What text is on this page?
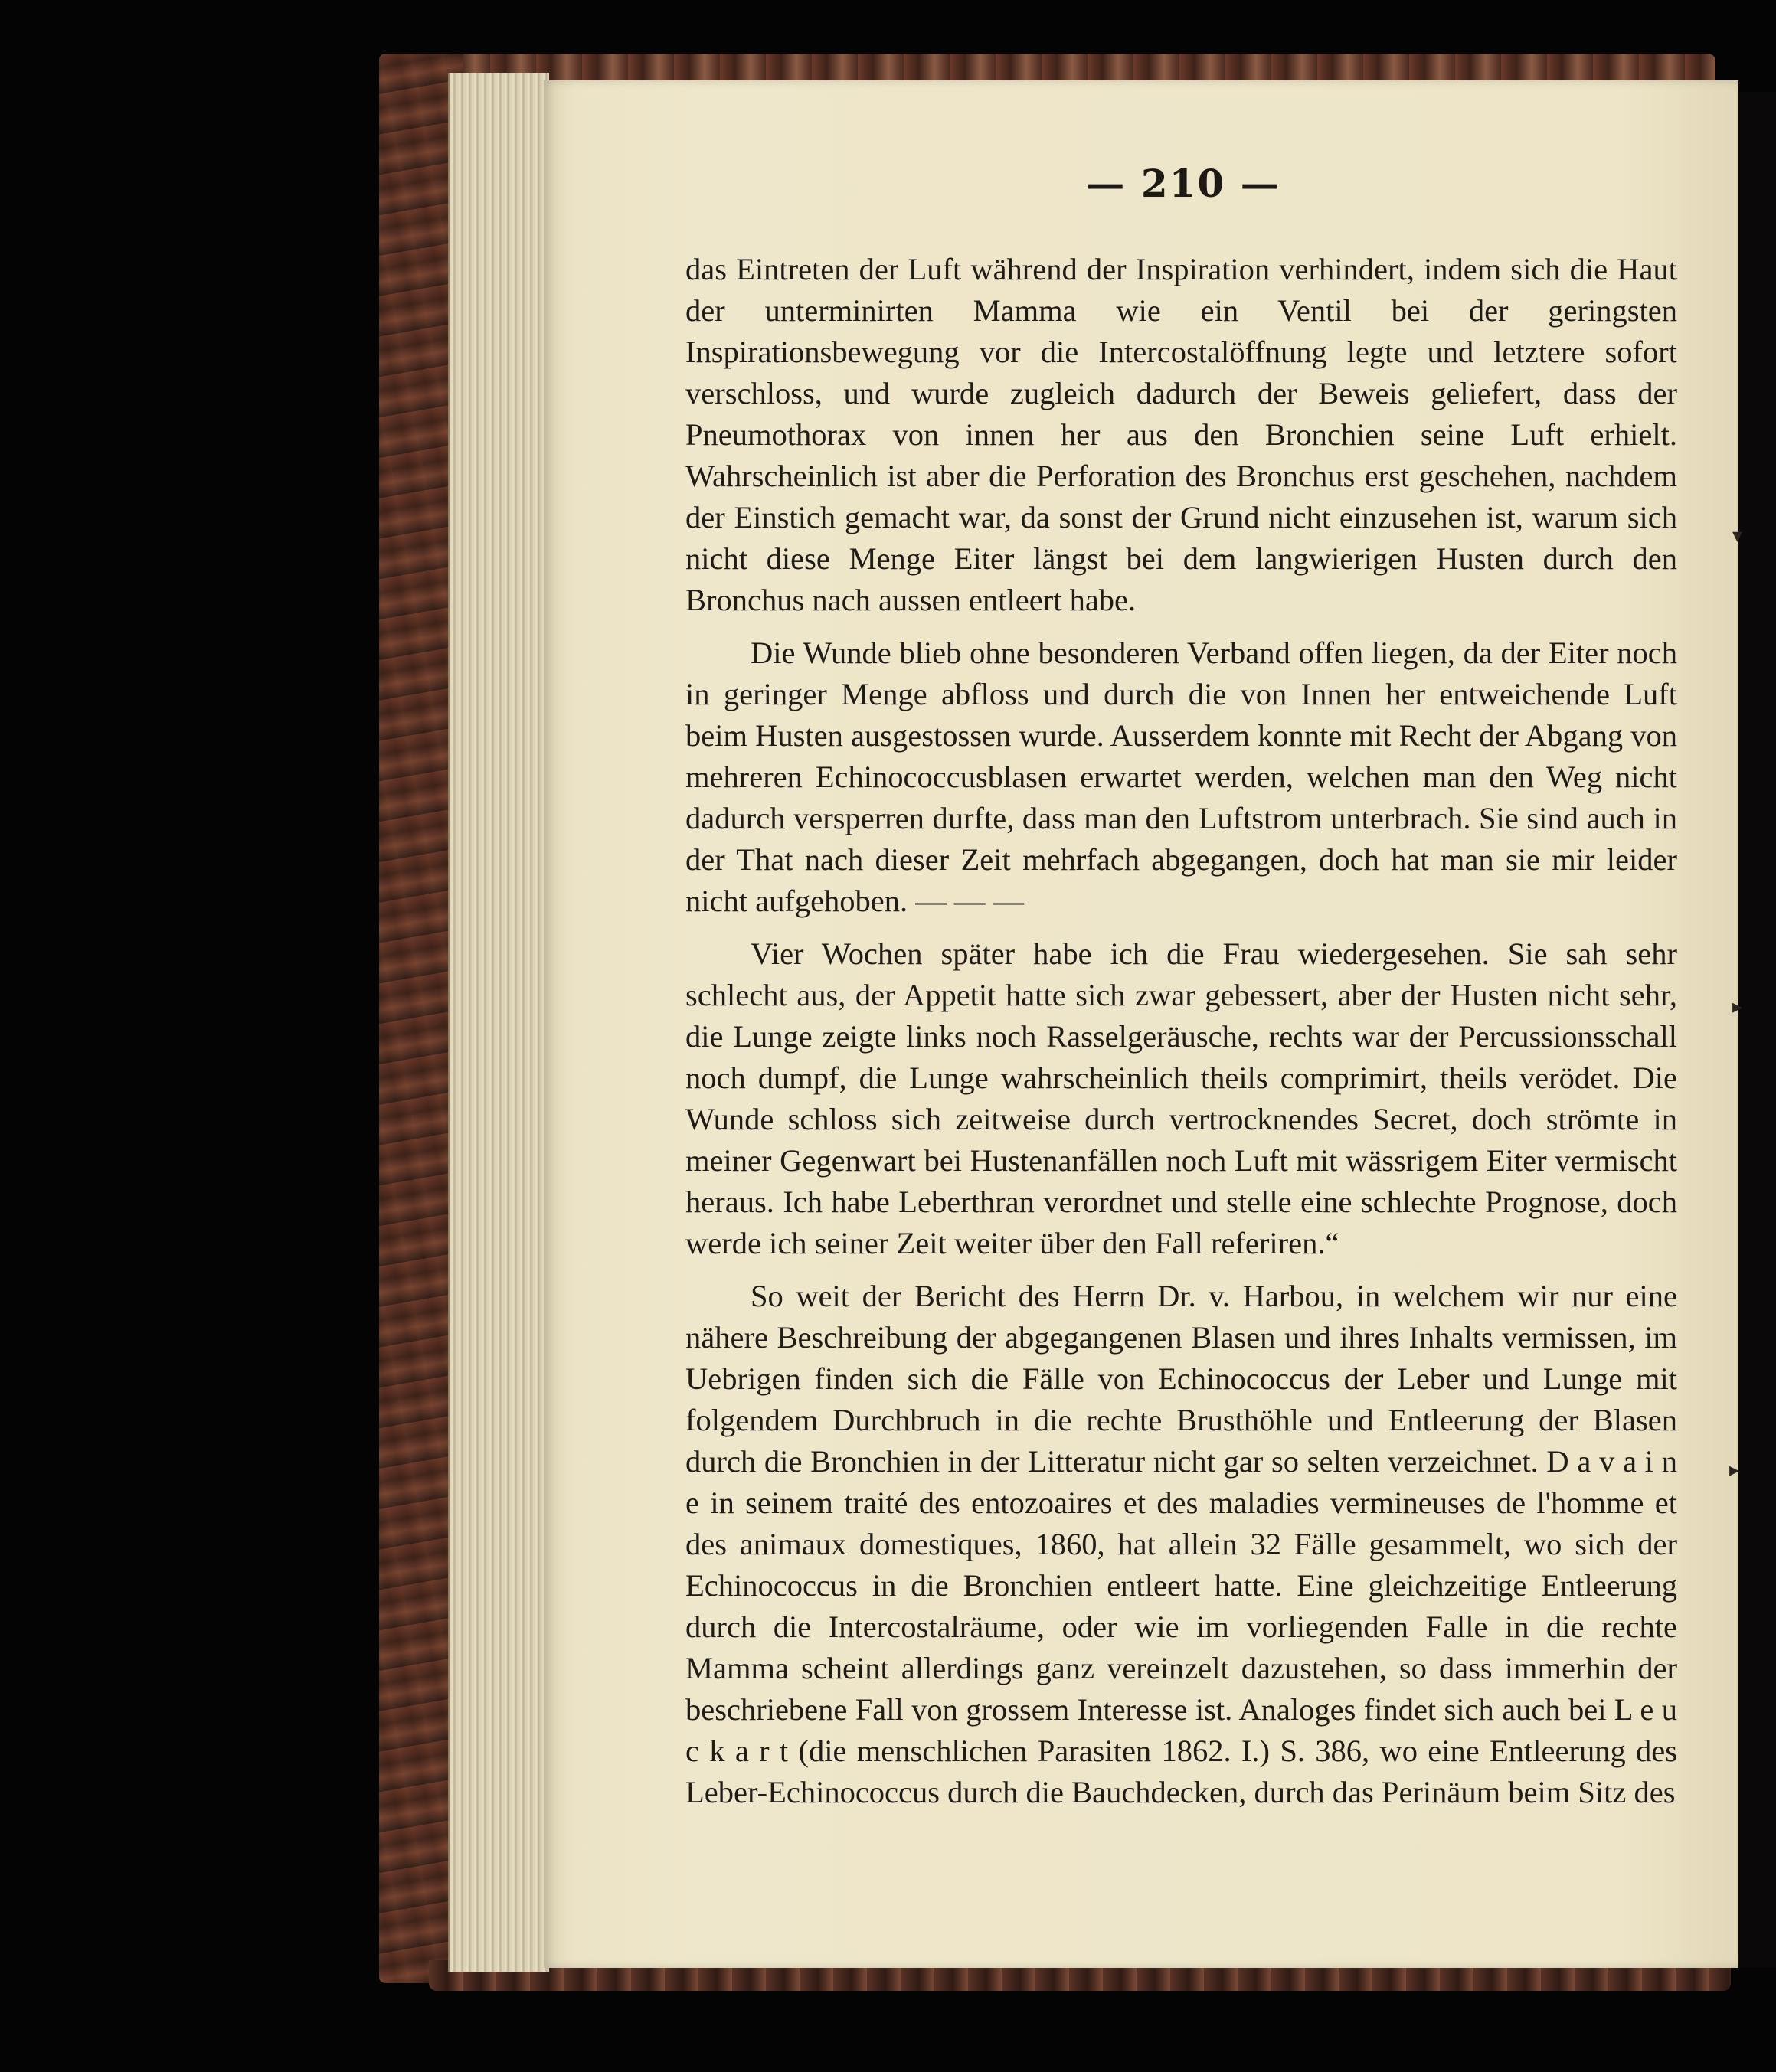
— 210 —

das Eintreten der Luft während der Inspiration verhindert, indem sich die Haut der unterminirten Mamma wie ein Ventil bei der geringsten Inspirationsbewegung vor die Intercostalöffnung legte und letztere sofort verschloss, und wurde zugleich dadurch der Beweis geliefert, dass der Pneumothorax von innen her aus den Bronchien seine Luft erhielt. Wahrscheinlich ist aber die Perforation des Bronchus erst geschehen, nachdem der Einstich gemacht war, da sonst der Grund nicht einzusehen ist, warum sich nicht diese Menge Eiter längst bei dem langwierigen Husten durch den Bronchus nach aussen entleert habe.

Die Wunde blieb ohne besonderen Verband offen liegen, da der Eiter noch in geringer Menge abfloss und durch die von Innen her entweichende Luft beim Husten ausgestossen wurde. Ausserdem konnte mit Recht der Abgang von mehreren Echinococcusblasen erwartet werden, welchen man den Weg nicht dadurch versperren durfte, dass man den Luftstrom unterbrach. Sie sind auch in der That nach dieser Zeit mehrfach abgegangen, doch hat man sie mir leider nicht aufgehoben. — — —

Vier Wochen später habe ich die Frau wiedergesehen. Sie sah sehr schlecht aus, der Appetit hatte sich zwar gebessert, aber der Husten nicht sehr, die Lunge zeigte links noch Rasselgeräusche, rechts war der Percussionsschall noch dumpf, die Lunge wahrscheinlich theils comprimirt, theils verödet. Die Wunde schloss sich zeitweise durch vertrocknendes Secret, doch strömte in meiner Gegenwart bei Hustenanfällen noch Luft mit wässrigem Eiter vermischt heraus. Ich habe Leberthran verordnet und stelle eine schlechte Prognose, doch werde ich seiner Zeit weiter über den Fall referiren.“

So weit der Bericht des Herrn Dr. v. Harbou, in welchem wir nur eine nähere Beschreibung der abgegangenen Blasen und ihres Inhalts vermissen, im Uebrigen finden sich die Fälle von Echinococcus der Leber und Lunge mit folgendem Durchbruch in die rechte Brusthöhle und Entleerung der Blasen durch die Bronchien in der Litteratur nicht gar so selten verzeichnet. D a v a i n e in seinem traité des entozoaires et des maladies vermineuses de l'homme et des animaux domestiques, 1860, hat allein 32 Fälle gesammelt, wo sich der Echinococcus in die Bronchien entleert hatte. Eine gleichzeitige Entleerung durch die Intercostalräume, oder wie im vorliegenden Falle in die rechte Mamma scheint allerdings ganz vereinzelt dazustehen, so dass immerhin der beschriebene Fall von grossem Interesse ist. Analoges findet sich auch bei L e u c k a r t (die menschlichen Parasiten 1862. I.) S. 386, wo eine Entleerung des Leber-Echinococcus durch die Bauchdecken, durch das Perinäum beim Sitz des

▾
▸
▸
